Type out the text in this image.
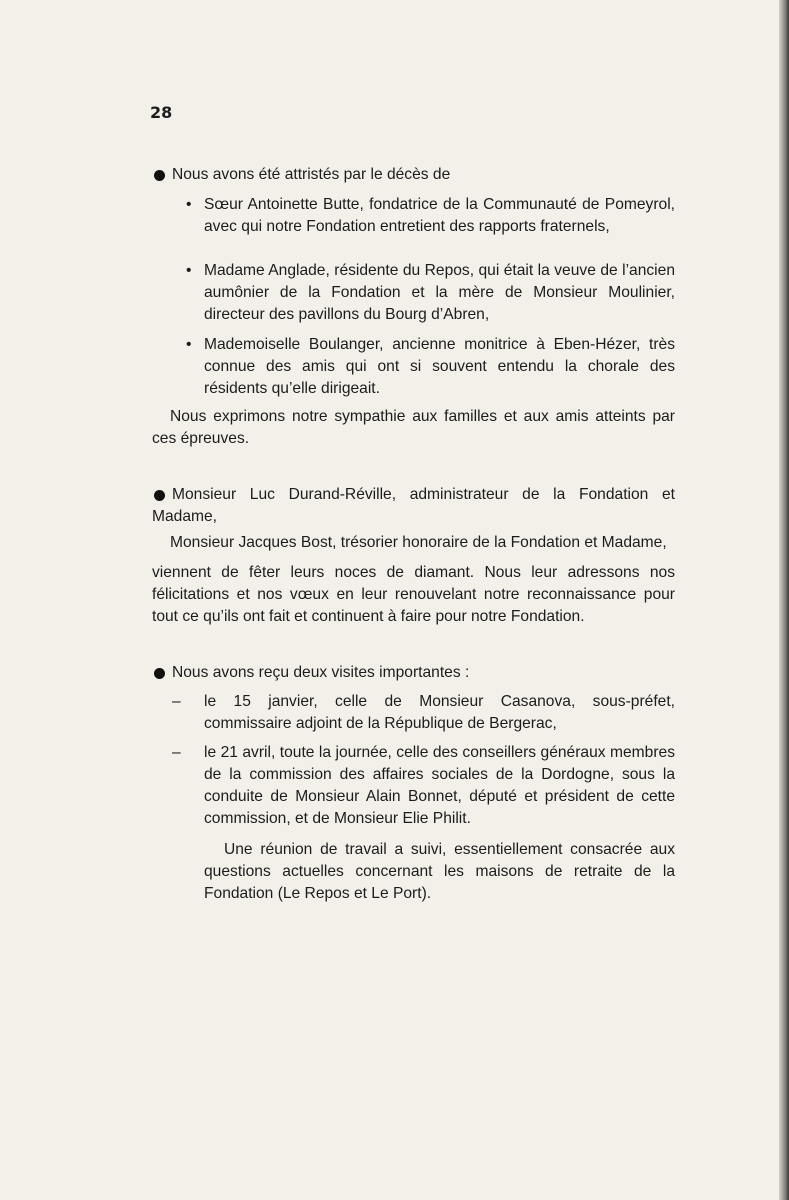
28
Nous avons été attristés par le décès de
• Sœur Antoinette Butte, fondatrice de la Communauté de Pomeyrol, avec qui notre Fondation entretient des rapports fraternels,
• Madame Anglade, résidente du Repos, qui était la veuve de l’ancien aumônier de la Fondation et la mère de Monsieur Moulinier, directeur des pavillons du Bourg d’Abren,
• Mademoiselle Boulanger, ancienne monitrice à Eben-Hézer, très connue des amis qui ont si souvent entendu la chorale des résidents qu’elle dirigeait.
Nous exprimons notre sympathie aux familles et aux amis atteints par ces épreuves.
Monsieur Luc Durand-Réville, administrateur de la Fondation et Madame,
Monsieur Jacques Bost, trésorier honoraire de la Fondation et Madame,
viennent de fêter leurs noces de diamant. Nous leur adressons nos félicitations et nos vœux en leur renouvelant notre reconnaissance pour tout ce qu’ils ont fait et continuent à faire pour notre Fondation.
Nous avons reçu deux visites importantes :
– le 15 janvier, celle de Monsieur Casanova, sous-préfet, commissaire adjoint de la République de Bergerac,
– le 21 avril, toute la journée, celle des conseillers généraux membres de la commission des affaires sociales de la Dordogne, sous la conduite de Monsieur Alain Bonnet, député et président de cette commission, et de Monsieur Elie Philit.
Une réunion de travail a suivi, essentiellement consacrée aux questions actuelles concernant les maisons de retraite de la Fondation (Le Repos et Le Port).
